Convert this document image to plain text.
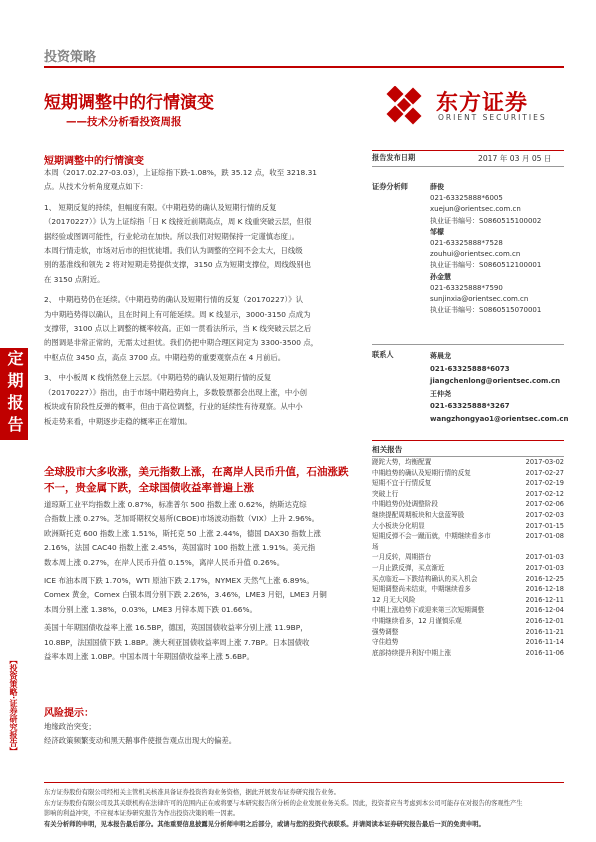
投资策略
短期调整中的行情演变
——技术分析看投资周报
东方证券
ORIENT SECURITIES
定期报告
【投资策略·证券研究报告】
短期调整中的行情演变

本周（2017.02.27-03.03），上证综指下跌-1.08%，跌 35.12 点，收至 3218.31

点。从技术分析角度观点如下：

1、 短期反复的持续，但幅度有限。《中期趋势的确认及短期行情的反复

（20170227）》认为上证综指「日 K 线接近前期高点，周 K 线重突破云层，但很

据经验或图调可能性，行业轮动在加快。所以我们对短期保持一定谨慎态度」。

本周行情走软，市场对后市的担忧徒增。我们认为调整的空间不会太大，日线级

别的基准线和领先 2 将对短期走势提供支撑，3150 点为短期支撑位，周线级别也

在 3150 点附近。

2、 中期趋势仍在延续。《中期趋势的确认及短期行情的反复（20170227）》认

为中期趋势得以确认，且在时间上有可能延续。周 K 线显示，3000-3150 点成为

支撑带，3100 点以上调整的概率较高。正如一贯看法所示，当 K 线突破云层之后

的图调是非常正常的，无需太过担忧。我们仍把中期合理区间定为 3300-3500 点，

中枢点位 3450 点，高点 3700 点。中期趋势的重要观察点在 4 月前后。

3、 中小板周 K 线悄然登上云层。《中期趋势的确认及短期行情的反复

（20170227）》指出，由于市场中期趋势向上，多数股票都会出现上涨，中小创

板块或有阶段性反弹的概率，但由于高位调整，行业的延续性有待观察。从中小

板走势来看，中期逐步走稳的概率正在增加。

全球股市大多收涨，美元指数上涨，在离岸人民币升值，石油涨跌
不一，贵金属下跌，全球国债收益率普遍上涨

道琼斯工业平均指数上涨 0.87%，标准普尔 500 指数上涨 0.62%，纳斯达克综

合指数上涨 0.27%。芝加哥期权交易所(CBOE)市场波动指数（VIX）上升 2.96%。

欧洲斯托克 600 指数上涨 1.51%，斯托克 50 上涨 2.44%，德国 DAX30 指数上涨

2.16%，法国 CAC40 指数上涨 2.45%，英国富时 100 指数上涨 1.91%。美元指

数本周上涨 0.27%，在岸人民币升值 0.15%，离岸人民币升值 0.26%。

ICE 布油本周下跌 1.70%，WTI 原油下跌 2.17%，NYMEX 天然气上涨 6.89%。

Comex 黄金，Comex 白银本周分别下跌 2.26%，3.46%，LME3 月铝，LME3 月铜

本周分别上涨 1.38%，0.03%，LME3 月锌本周下跌 01.66%。

美国十年期国债收益率上涨 16.5BP，德国，英国国债收益率分别上涨 11.9BP，

10.8BP，法国国债下跌 1.8BP。澳大利亚国债收益率周上涨 7.7BP。日本国债收

益率本周上涨 1.0BP。中国本周十年期国债收益率上涨 5.6BP。

风险提示：

地缘政治突变；

经济政策频繁变动和黑天鹅事件使报告观点出现大的偏差。

报告发布日期	2017 年 03 月 05 日
证券分析师	薛俊
021-63325888*6005
xuejun@orientsec.com.cn
执业证书编号：S0860515100002
邹檬
021-63325888*7528
zouhui@orientsec.com.cn
执业证书编号：S0860512100001
孙金慧
021-63325888*7590
sunjinxia@orientsec.com.cn
执业证书编号：S0860515070001
联系人	蒋晨龙
021-63325888*6073
jiangchenlong@orientsec.com.cn
王仲尧
021-63325888*3267
wangzhongyao1@orientsec.com.cn
相关报告
蹉跎大势，均衡配置	2017-03-02
中期趋势的确认及短期行情的反复	2017-02-27
短期不宜于行情反复	2017-02-19
突破上行	2017-02-12
中期趋势仍处调整阶段	2017-02-06
继续提配周期板块和大盘蓝筹股	2017-02-03
大小板块分化明显	2017-01-15
短期反弹不会一蹴而就，中期继续看多市	2017-01-08
场
一月反转，周期搭台	2017-01-03
一月止跌反弹，买点渐近	2017-01-03
买点临近—下跌结构确认的买入机会	2016-12-25
短期调整尚未结束，中期继续看多	2016-12-18
12 月无大风险	2016-12-11
中期上涨趋势下或迎来第三次短期调整	2016-12-04
中期继续看多，12 月谨慎乐观	2016-12-01
强势调整	2016-11-21
守住趋势	2016-11-14
底部持续提升利好中期上涨	2016-11-06
东方证券股份有限公司经相关主管机关核准具备证券投资咨询业务资格，据此开展发布证券研究报告业务。
东方证券股份有限公司及其关联机构在法律许可的范围内正在或将要与本研究报告所分析的企业发展业务关系。因此，投资者应当考虑到本公司可能存在对报告的客观性产生
影响的利益冲突，不应视本证券研究报告为作出投资决策的唯一因素。
有关分析师的申明，见本报告最后部分。其他重要信息披露见分析师申明之后部分，或请与您的投资代表联系。并请阅读本证券研究报告最后一页的免责申明。
